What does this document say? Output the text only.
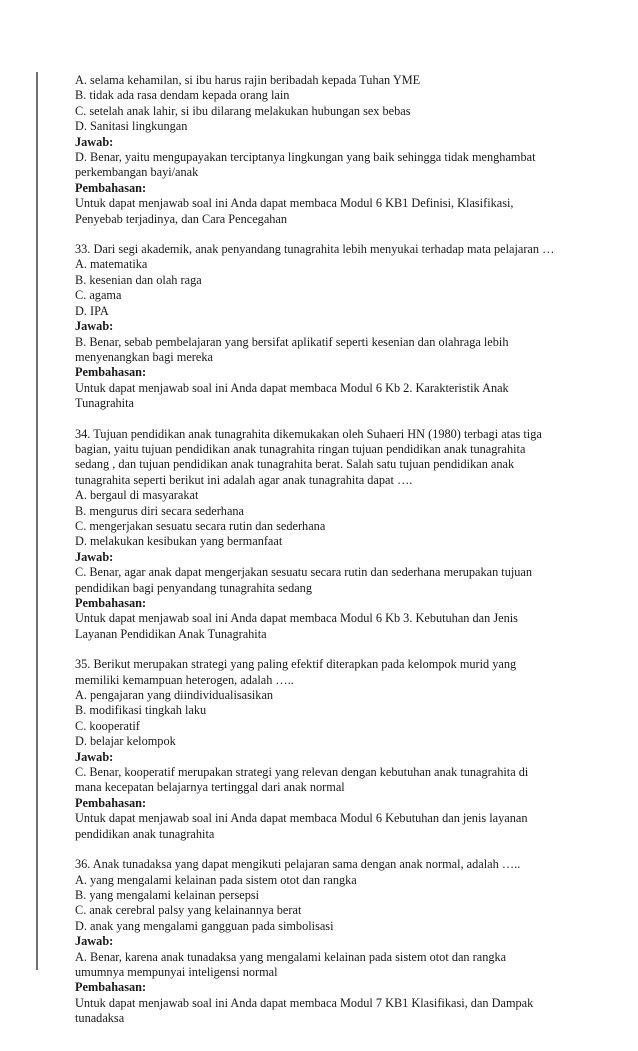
A. selama kehamilan, si ibu harus rajin beribadah kepada Tuhan YME

B. tidak ada rasa dendam kepada orang lain

C. setelah anak lahir, si ibu dilarang melakukan hubungan sex bebas

D. Sanitasi lingkungan

Jawab:

D. Benar, yaitu mengupayakan terciptanya lingkungan yang baik sehingga tidak menghambat

perkembangan bayi/anak

Pembahasan:

Untuk dapat menjawab soal ini Anda dapat membaca Modul 6 KB1 Definisi, Klasifikasi,

Penyebab terjadinya, dan Cara Pencegahan

33. Dari segi akademik, anak penyandang tunagrahita lebih menyukai terhadap mata pelajaran …

A. matematika

B. kesenian dan olah raga

C. agama

D. IPA

Jawab:

B. Benar, sebab pembelajaran yang bersifat aplikatif seperti kesenian dan olahraga lebih

menyenangkan bagi mereka

Pembahasan:

Untuk dapat menjawab soal ini Anda dapat membaca Modul 6 Kb 2. Karakteristik Anak

Tunagrahita

34. Tujuan pendidikan anak tunagrahita dikemukakan oleh Suhaeri HN (1980) terbagi atas tiga

bagian, yaitu tujuan pendidikan anak tunagrahita ringan tujuan pendidikan anak tunagrahita

sedang , dan tujuan pendidikan anak tunagrahita berat. Salah satu tujuan pendidikan anak

tunagrahita seperti berikut ini adalah agar anak tunagrahita dapat ….

A. bergaul di masyarakat

B. mengurus diri secara sederhana

C. mengerjakan sesuatu secara rutin dan sederhana

D. melakukan kesibukan yang bermanfaat

Jawab:

C. Benar, agar anak dapat mengerjakan sesuatu secara rutin dan sederhana merupakan tujuan

pendidikan bagi penyandang tunagrahita sedang

Pembahasan:

Untuk dapat menjawab soal ini Anda dapat membaca Modul 6 Kb 3. Kebutuhan dan Jenis

Layanan Pendidikan Anak Tunagrahita

35. Berikut merupakan strategi yang paling efektif diterapkan pada kelompok murid yang

memiliki kemampuan heterogen, adalah …..

A. pengajaran yang diindividualisasikan

B. modifikasi tingkah laku

C. kooperatif

D. belajar kelompok

Jawab:

C. Benar, kooperatif merupakan strategi yang relevan dengan kebutuhan anak tunagrahita di

mana kecepatan belajarnya tertinggal dari anak normal

Pembahasan:

Untuk dapat menjawab soal ini Anda dapat membaca Modul 6 Kebutuhan dan jenis layanan

pendidikan anak tunagrahita

36. Anak tunadaksa yang dapat mengikuti pelajaran sama dengan anak normal, adalah …..

A. yang mengalami kelainan pada sistem otot dan rangka

B. yang mengalami kelainan persepsi

C. anak cerebral palsy yang kelainannya berat

D. anak yang mengalami gangguan pada simbolisasi

Jawab:

A. Benar, karena anak tunadaksa yang mengalami kelainan pada sistem otot dan rangka

umumnya mempunyai inteligensi normal

Pembahasan:

Untuk dapat menjawab soal ini Anda dapat membaca Modul 7 KB1 Klasifikasi, dan Dampak

tunadaksa
